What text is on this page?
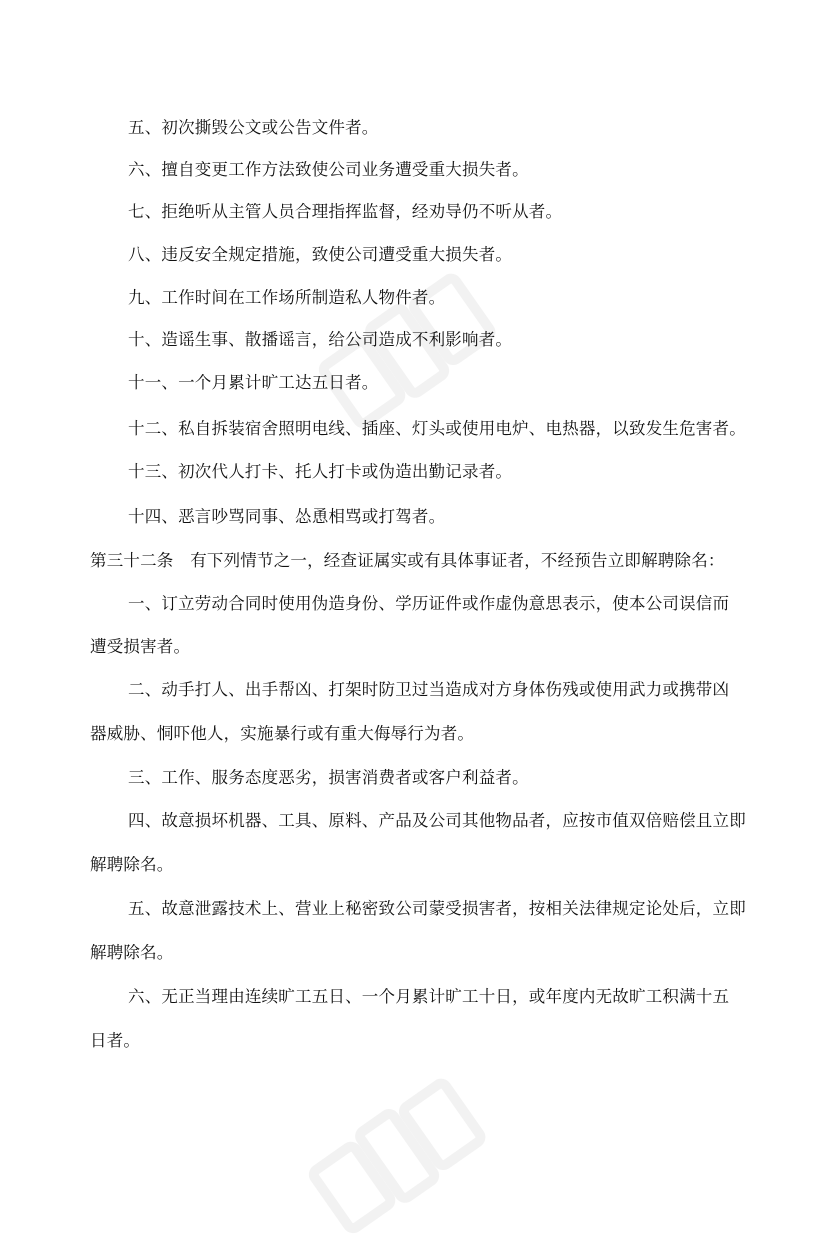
五、初次撕毁公文或公告文件者。
六、擅自变更工作方法致使公司业务遭受重大损失者。
七、拒绝听从主管人员合理指挥监督，经劝导仍不听从者。
八、违反安全规定措施，致使公司遭受重大损失者。
九、工作时间在工作场所制造私人物件者。
十、造谣生事、散播谣言，给公司造成不利影响者。
十一、一个月累计旷工达五日者。
十二、私自拆装宿舍照明电线、插座、灯头或使用电炉、电热器，以致发生危害者。
十三、初次代人打卡、托人打卡或伪造出勤记录者。
十四、恶言吵骂同事、怂恿相骂或打驾者。
第三十二条　有下列情节之一，经查证属实或有具体事证者，不经预告立即解聘除名：
一、订立劳动合同时使用伪造身份、学历证件或作虚伪意思表示，使本公司误信而
遭受损害者。
二、动手打人、出手帮凶、打架时防卫过当造成对方身体伤残或使用武力或携带凶
器威胁、恫吓他人，实施暴行或有重大侮辱行为者。
三、工作、服务态度恶劣，损害消费者或客户利益者。
四、故意损坏机器、工具、原料、产品及公司其他物品者，应按市值双倍赔偿且立即
解聘除名。
五、故意泄露技术上、营业上秘密致公司蒙受损害者，按相关法律规定论处后，立即
解聘除名。
六、无正当理由连续旷工五日、一个月累计旷工十日，或年度内无故旷工积满十五
日者。
